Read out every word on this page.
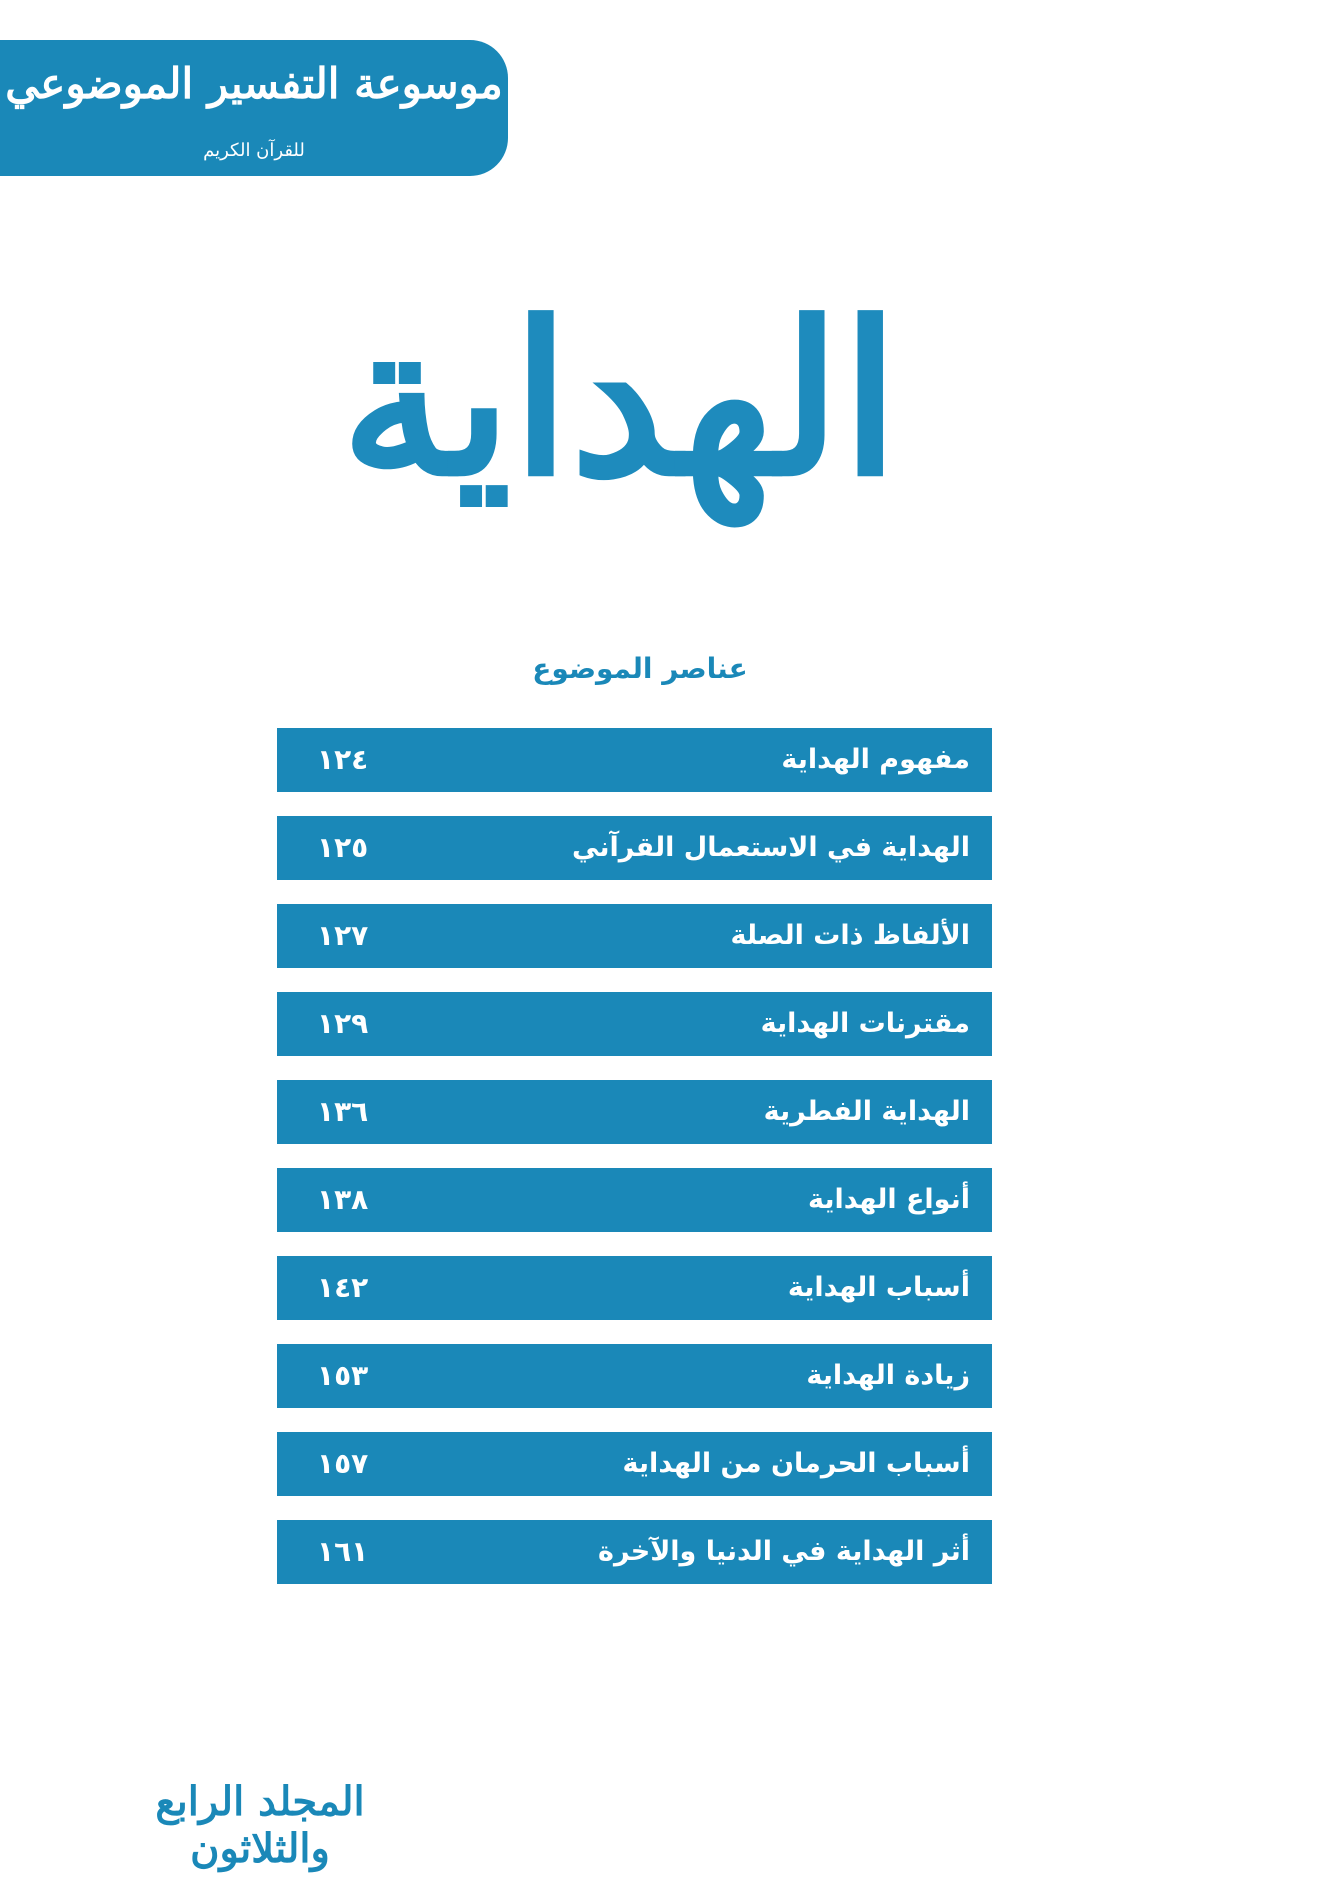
موسوعة التفسير الموضوعي
للقرآن الكريم
الهداية
عناصر الموضوع
مفهوم الهداية
١٢٤
الهداية في الاستعمال القرآني
١٢٥
الألفاظ ذات الصلة
١٢٧
مقترنات الهداية
١٢٩
الهداية الفطرية
١٣٦
أنواع الهداية
١٣٨
أسباب الهداية
١٤٢
زيادة الهداية
١٥٣
أسباب الحرمان من الهداية
١٥٧
أثر الهداية في الدنيا والآخرة
١٦١
المجلد الرابع والثلاثون
